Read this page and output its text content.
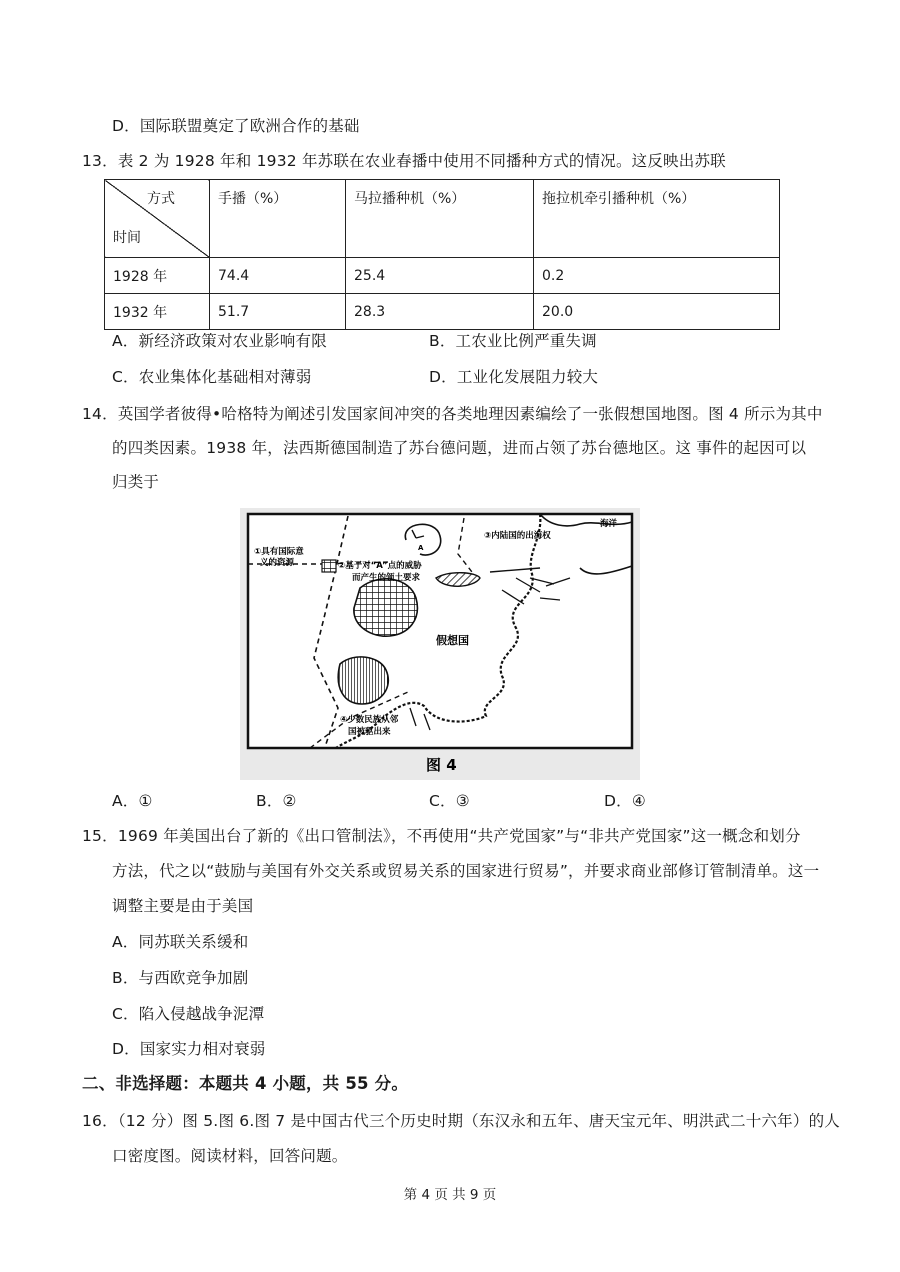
D．国际联盟奠定了欧洲合作的基础
13．表 2 为 1928 年和 1932 年苏联在农业春播中使用不同播种方式的情况。这反映出苏联
方式
时间	手播（%）	马拉播种机（%）	拖拉机牵引播种机（%）
1928 年	74.4	25.4	0.2
1932 年	51.7	28.3	20.0
A．新经济政策对农业影响有限	B．工农业比例严重失调
C．农业集体化基础相对薄弱	D．工业化发展阻力较大
14．英国学者彼得•哈格特为阐述引发国家间冲突的各类地理因素编绘了一张假想国地图。图 4 所示为其中
的四类因素。1938 年，法西斯德国制造了苏台德问题，进而占领了苏台德地区。这 事件的起因可以
归类于
①具有国际意
义的资源	②基于对“A”点的威胁
而产生的领土要求
③内陆国的出海权
海洋
A
假想国
④少数民族从邻
国被驱出来
图 4
A．①	B．②	C．③	D．④
15．1969 年美国出台了新的《出口管制法》，不再使用“共产党国家”与“非共产党国家”这一概念和划分
方法，代之以“鼓励与美国有外交关系或贸易关系的国家进行贸易”，并要求商业部修订管制清单。这一
调整主要是由于美国
A．同苏联关系缓和
B．与西欧竞争加剧
C．陷入侵越战争泥潭
D．国家实力相对衰弱
二、非选择题：本题共 4 小题，共 55 分。
16．（12 分）图 5.图 6.图 7 是中国古代三个历史时期（东汉永和五年、唐天宝元年、明洪武二十六年）的人
口密度图。阅读材料，回答问题。
第 4 页 共 9 页
